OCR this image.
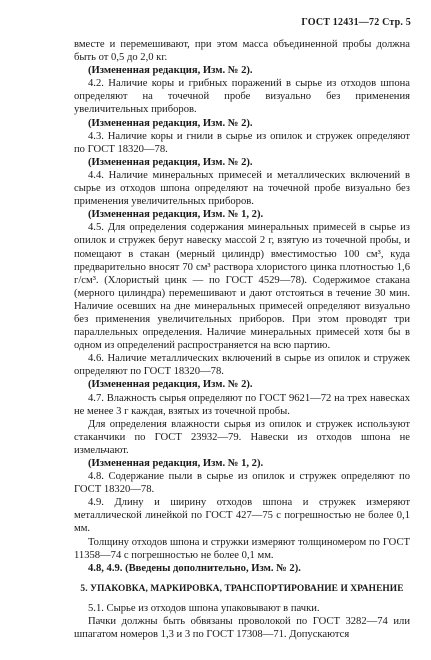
ГОСТ 12431—72 Стр. 5

вместе и перемешивают, при этом масса объединенной пробы должна быть от 0,5 до 2,0 кг.

(Измененная редакция, Изм. № 2).

4.2. Наличие коры и грибных поражений в сырье из отходов шпона определяют на точечной пробе визуально без применения увеличительных приборов.

(Измененная редакция, Изм. № 2).

4.3. Наличие коры и гнили в сырье из опилок и стружек определяют по ГОСТ 18320—78.

(Измененная редакция, Изм. № 2).

4.4. Наличие минеральных примесей и металлических включений в сырье из отходов шпона определяют на точечной пробе визуально без применения увеличительных приборов.

(Измененная редакция, Изм. № 1, 2).

4.5. Для определения содержания минеральных примесей в сырье из опилок и стружек берут навеску массой 2 г, взятую из точечной пробы, и помещают в стакан (мерный цилиндр) вместимостью 100 см³, куда предварительно вносят 70 см³ раствора хлористого цинка плотностью 1,6 г/см³. (Хлористый цинк — по ГОСТ 4529—78). Содержимое стакана (мерного цилиндра) перемешивают и дают отстояться в течение 30 мин. Наличие осевших на дне минеральных примесей определяют визуально без применения увеличительных приборов. При этом проводят три параллельных определения. Наличие минеральных примесей хотя бы в одном из определений распространяется на всю партию.

4.6. Наличие металлических включений в сырье из опилок и стружек определяют по ГОСТ 18320—78.

(Измененная редакция, Изм. № 2).

4.7. Влажность сырья определяют по ГОСТ 9621—72 на трех навесках не менее 3 г каждая, взятых из точечной пробы.

Для определения влажности сырья из опилок и стружек используют стаканчики по ГОСТ 23932—79. Навески из отходов шпона не измельчают.

(Измененная редакция, Изм. № 1, 2).

4.8. Содержание пыли в сырье из опилок и стружек определяют по ГОСТ 18320—78.

4.9. Длину и ширину отходов шпона и стружек измеряют металлической линейкой по ГОСТ 427—75 с погрешностью не более 0,1 мм.

Толщину отходов шпона и стружки измеряют толщиномером по ГОСТ 11358—74 с погрешностью не более 0,1 мм.

4.8, 4.9. (Введены дополнительно, Изм. № 2).

5. УПАКОВКА, МАРКИРОВКА, ТРАНСПОРТИРОВАНИЕ И ХРАНЕНИЕ

5.1. Сырье из отходов шпона упаковывают в пачки.

Пачки должны быть обвязаны проволокой по ГОСТ 3282—74 или шпагатом номеров 1,3 и 3 по ГОСТ 17308—71. Допускаются
